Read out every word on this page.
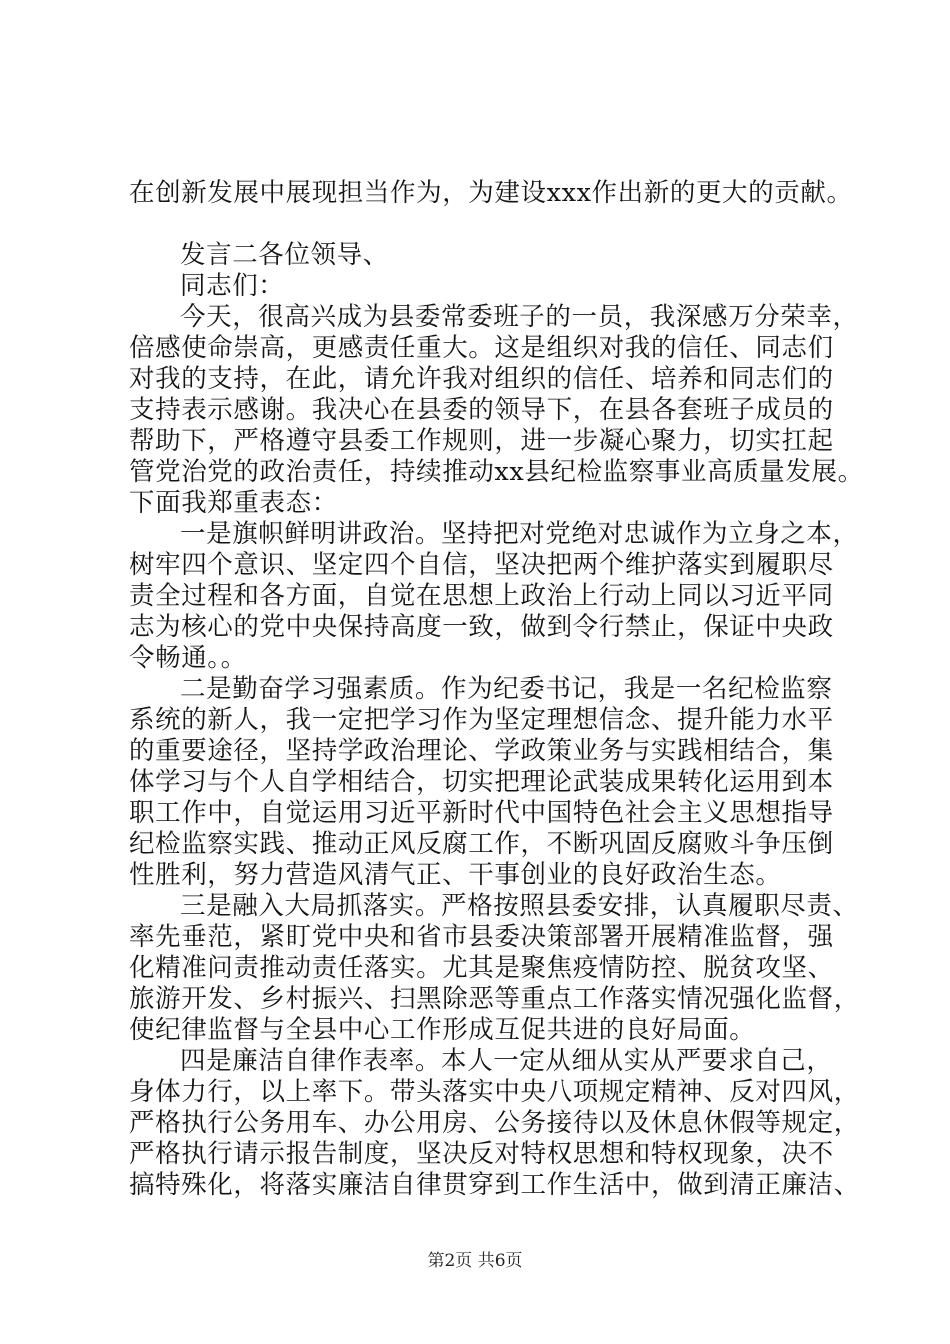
在创新发展中展现担当作为，为建设xxx作出新的更大的贡献。
发言二各位领导、
同志们：
今天，很高兴成为县委常委班子的一员，我深感万分荣幸，
倍感使命崇高，更感责任重大。这是组织对我的信任、同志们
对我的支持，在此，请允许我对组织的信任、培养和同志们的
支持表示感谢。我决心在县委的领导下，在县各套班子成员的
帮助下，严格遵守县委工作规则，进一步凝心聚力，切实扛起
管党治党的政治责任，持续推动xx县纪检监察事业高质量发展。
下面我郑重表态：
一是旗帜鲜明讲政治。坚持把对党绝对忠诚作为立身之本，
树牢四个意识、坚定四个自信，坚决把两个维护落实到履职尽
责全过程和各方面，自觉在思想上政治上行动上同以习近平同
志为核心的党中央保持高度一致，做到令行禁止，保证中央政
令畅通。。
二是勤奋学习强素质。作为纪委书记，我是一名纪检监察
系统的新人，我一定把学习作为坚定理想信念、提升能力水平
的重要途径，坚持学政治理论、学政策业务与实践相结合，集
体学习与个人自学相结合，切实把理论武装成果转化运用到本
职工作中，自觉运用习近平新时代中国特色社会主义思想指导
纪检监察实践、推动正风反腐工作，不断巩固反腐败斗争压倒
性胜利，努力营造风清气正、干事创业的良好政治生态。
三是融入大局抓落实。严格按照县委安排，认真履职尽责、
率先垂范，紧盯党中央和省市县委决策部署开展精准监督，强
化精准问责推动责任落实。尤其是聚焦疫情防控、脱贫攻坚、
旅游开发、乡村振兴、扫黑除恶等重点工作落实情况强化监督，
使纪律监督与全县中心工作形成互促共进的良好局面。
四是廉洁自律作表率。本人一定从细从实从严要求自己，
身体力行，以上率下。带头落实中央八项规定精神、反对四风，
严格执行公务用车、办公用房、公务接待以及休息休假等规定，
严格执行请示报告制度，坚决反对特权思想和特权现象，决不
搞特殊化，将落实廉洁自律贯穿到工作生活中，做到清正廉洁、
第2页 共6页
